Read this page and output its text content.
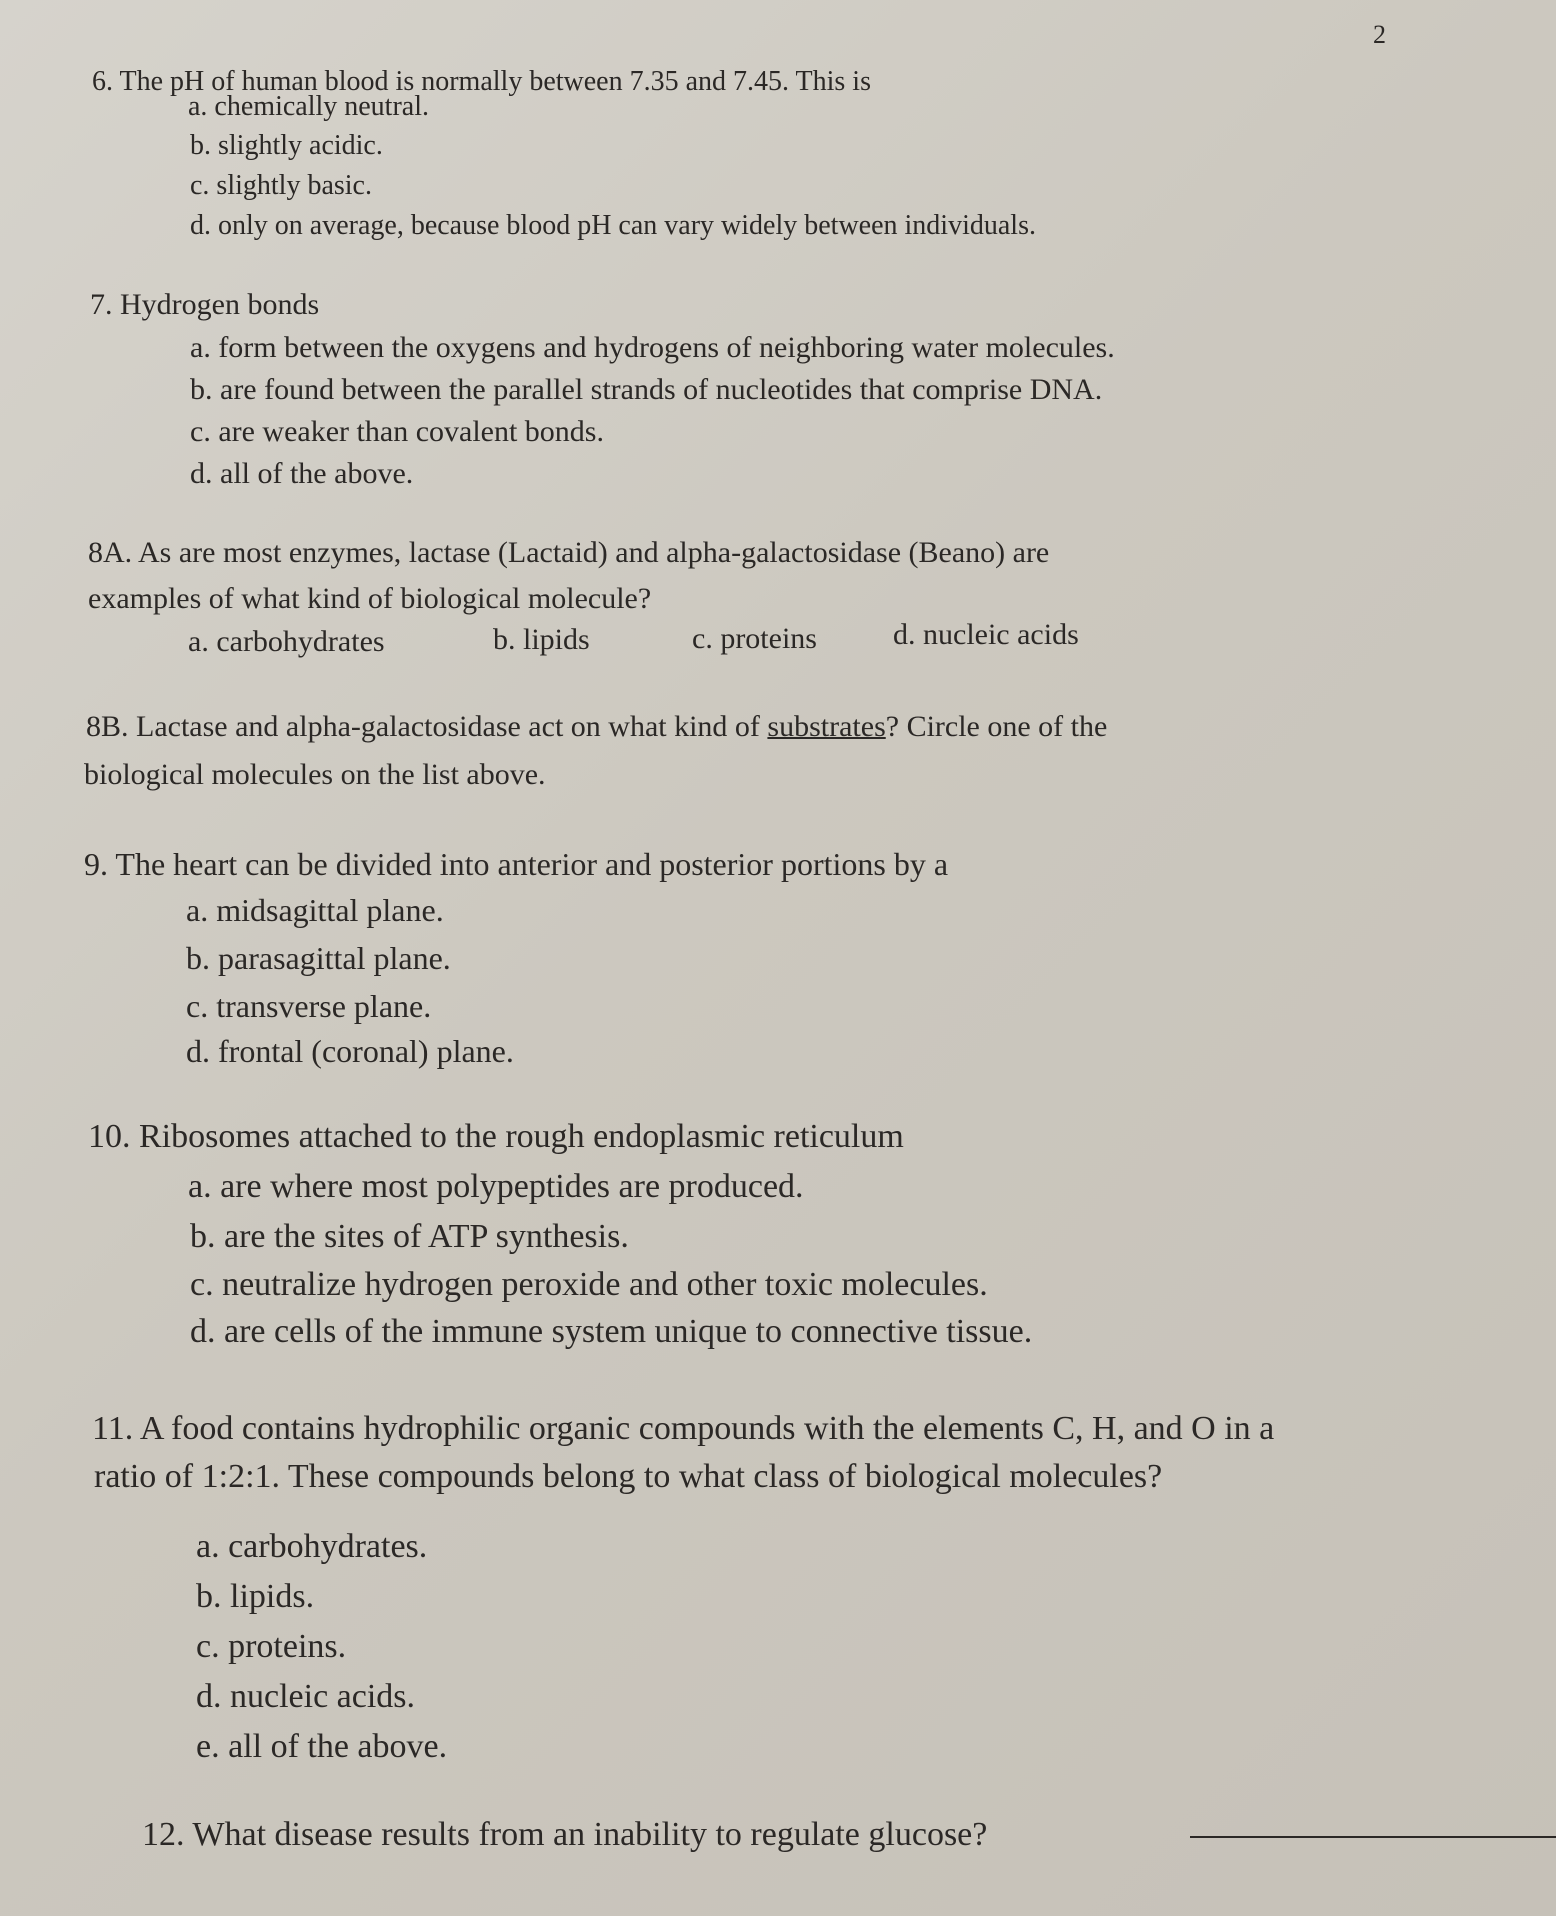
2
6. The pH of human blood is normally between 7.35 and 7.45. This is
a. chemically neutral.
b. slightly acidic.
c. slightly basic.
d. only on average, because blood pH can vary widely between individuals.
7. Hydrogen bonds
a. form between the oxygens and hydrogens of neighboring water molecules.
b. are found between the parallel strands of nucleotides that comprise DNA.
c. are weaker than covalent bonds.
d. all of the above.
8A. As are most enzymes, lactase (Lactaid) and alpha-galactosidase (Beano) are
examples of what kind of biological molecule?
a. carbohydrates	b. lipids	c. proteins	d. nucleic acids
8B. Lactase and alpha-galactosidase act on what kind of substrates? Circle one of the
biological molecules on the list above.
9. The heart can be divided into anterior and posterior portions by a
a. midsagittal plane.
b. parasagittal plane.
c. transverse plane.
d. frontal (coronal) plane.
10. Ribosomes attached to the rough endoplasmic reticulum
a. are where most polypeptides are produced.
b. are the sites of ATP synthesis.
c. neutralize hydrogen peroxide and other toxic molecules.
d. are cells of the immune system unique to connective tissue.
11. A food contains hydrophilic organic compounds with the elements C, H, and O in a
ratio of 1:2:1. These compounds belong to what class of biological molecules?
a. carbohydrates.
b. lipids.
c. proteins.
d. nucleic acids.
e. all of the above.
12. What disease results from an inability to regulate glucose?
